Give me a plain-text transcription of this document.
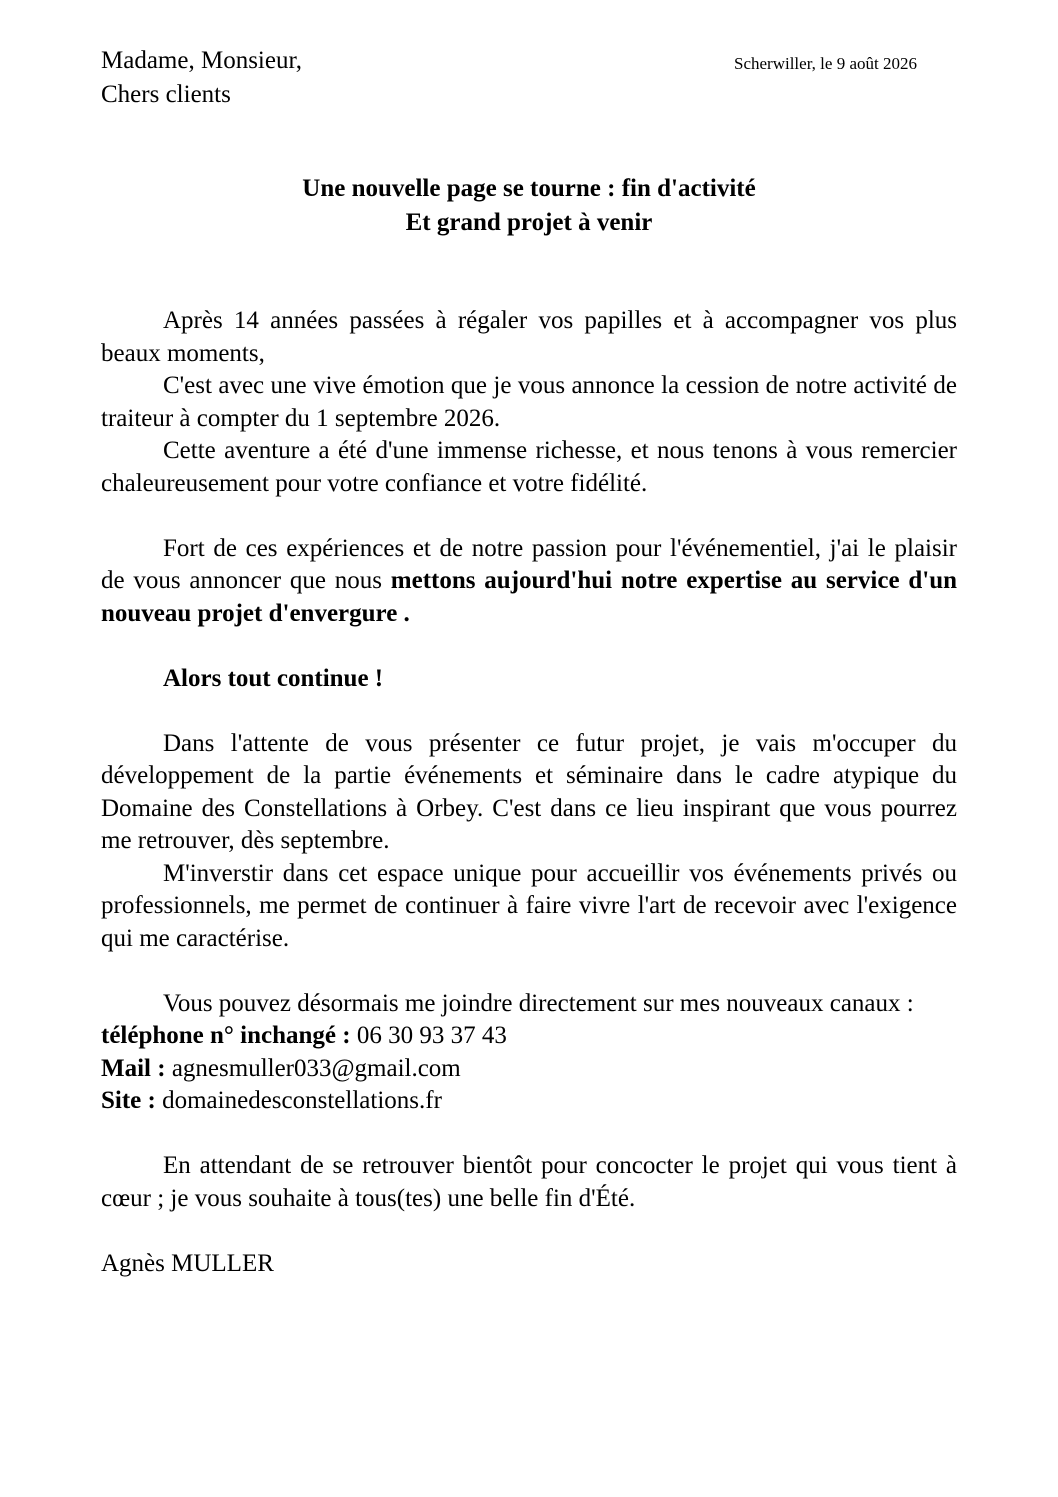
Madame, Monsieur,
Chers clients
Scherwiller, le 9 août 2026
Une nouvelle page se tourne : fin d'activité
Et grand projet à venir

Après 14 années passées à régaler vos papilles et à accompagner vos plus beaux moments,

C'est avec une vive émotion que je vous annonce la cession de notre activité de traiteur à compter du 1 septembre 2026.

Cette aventure a été d'une immense richesse, et nous tenons à vous remercier chaleureusement pour votre confiance et votre fidélité.

Fort de ces expériences et de notre passion pour l'événementiel, j'ai le plaisir de vous annoncer que nous mettons aujourd'hui notre expertise au service d'un nouveau projet d'envergure .

Alors tout continue !

Dans l'attente de vous présenter ce futur projet, je vais m'occuper du développement de la partie événements et séminaire dans le cadre atypique du Domaine des Constellations à Orbey. C'est dans ce lieu inspirant que vous pourrez me retrouver, dès septembre.

M'inverstir dans cet espace unique pour accueillir vos événements privés ou professionnels, me permet de continuer à faire vivre l'art de recevoir avec l'exigence qui me caractérise.

Vous pouvez désormais me joindre directement sur mes nouveaux canaux :

téléphone n° inchangé : 06 30 93 37 43

Mail : agnesmuller033@gmail.com

Site : domainedesconstellations.fr

En attendant de se retrouver bientôt pour concocter le projet qui vous tient à cœur ; je vous souhaite à tous(tes) une belle fin d'Été.

Agnès MULLER
